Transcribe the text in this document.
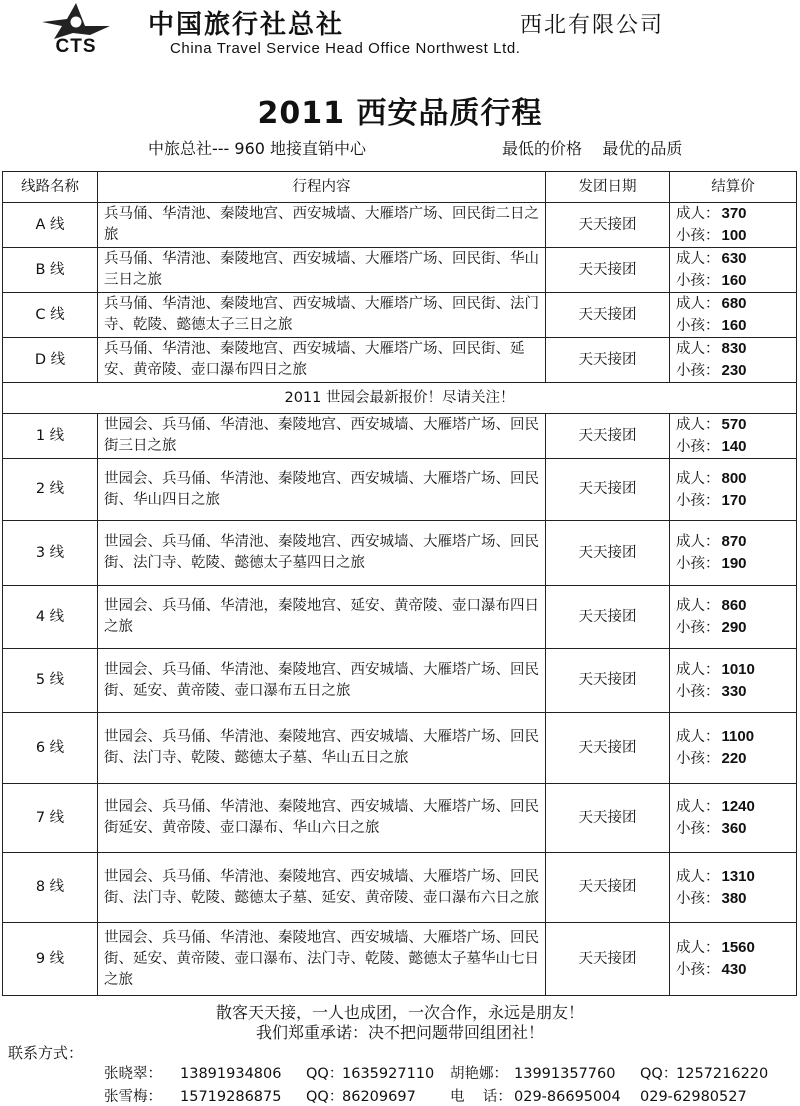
CTS
中国旅行社总社	西北有限公司
China Travel Service Head Office Northwest Ltd.
2011 西安品质行程
中旅总社--- 960 地接直销中心	最低的价格    最优的品质
线路名称	行程内容	发团日期	结算价
A 线	兵马俑、华清池、秦陵地宫、西安城墙、大雁塔广场、回民街二日之旅	天天接团	成人： 370
小孩： 100

B 线	兵马俑、华清池、秦陵地宫、西安城墙、大雁塔广场、回民街、华山三日之旅	天天接团	成人： 630
小孩： 160

C 线	兵马俑、华清池、秦陵地宫、西安城墙、大雁塔广场、回民街、法门寺、乾陵、懿德太子三日之旅	天天接团	成人： 680
小孩： 160

D 线	兵马俑、华清池、秦陵地宫、西安城墙、大雁塔广场、回民街、延安、黄帝陵、壶口瀑布四日之旅	天天接团	成人： 830
小孩： 230

2011 世园会最新报价！尽请关注！			
1 线	世园会、兵马俑、华清池、秦陵地宫、西安城墙、大雁塔广场、回民街三日之旅	天天接团	成人： 570
小孩： 140

2 线	世园会、兵马俑、华清池、秦陵地宫、西安城墙、大雁塔广场、回民街、华山四日之旅	天天接团	成人： 800
小孩： 170

3 线	世园会、兵马俑、华清池、秦陵地宫、西安城墙、大雁塔广场、回民街、法门寺、乾陵、懿德太子墓四日之旅	天天接团	成人： 870
小孩： 190

4 线	世园会、兵马俑、华清池，秦陵地宫、延安、黄帝陵、壶口瀑布四日之旅	天天接团	成人： 860
小孩： 290

5 线	世园会、兵马俑、华清池、秦陵地宫、西安城墙、大雁塔广场、回民街、延安、黄帝陵、壶口瀑布五日之旅	天天接团	成人： 1010
小孩： 330

6 线	世园会、兵马俑、华清池、秦陵地宫、西安城墙、大雁塔广场、回民街、法门寺、乾陵、懿德太子墓、华山五日之旅	天天接团	成人： 1100
小孩： 220

7 线	世园会、兵马俑、华清池、秦陵地宫、西安城墙、大雁塔广场、回民街延安、黄帝陵、壶口瀑布、华山六日之旅	天天接团	成人： 1240
小孩： 360

8 线	世园会、兵马俑、华清池、秦陵地宫、西安城墙、大雁塔广场、回民街、法门寺、乾陵、懿德太子墓、延安、黄帝陵、壶口瀑布六日之旅	天天接团	成人： 1310
小孩： 380

9 线	世园会、兵马俑、华清池、秦陵地宫、西安城墙、大雁塔广场、回民街、延安、黄帝陵、壶口瀑布、法门寺、乾陵、懿德太子墓华山七日之旅	天天接团	成人： 1560
小孩： 430
散客天天接，一人也成团，一次合作，永远是朋友！
我们郑重承诺：决不把问题带回组团社！
联系方式：
张晓翠： 13891934806 QQ：1635927110 胡艳娜： 13991357760 QQ：1257216220
张雪梅： 15719286875 QQ：86209697 电    话： 029-86695004 029-62980527
